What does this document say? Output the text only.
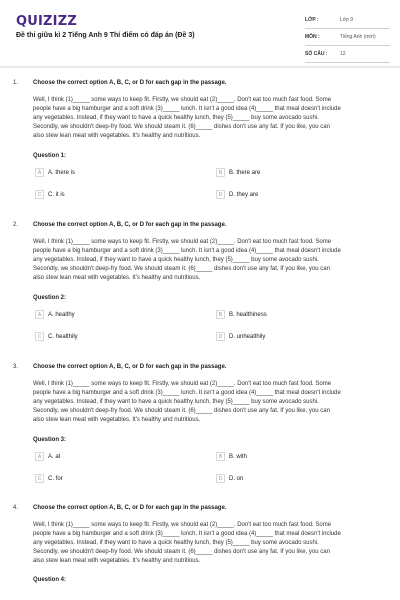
QUIZIZZ
Đề thi giữa kì 2 Tiếng Anh 9 Thí điểm có đáp án (Đề 3)
LỚP :	Lớp 9
MÔN :	Tiếng Anh (mới)
SỐ CÂU :	12
1. Choose the correct option A, B, C, or D for each gap in the passage.

Well, I think (1)_____ some ways to keep fit. Firstly, we should eat (2)_____. Don't eat too much fast food. Some

people have a big hamburger and a soft drink (3)_____ lunch. It isn't a good idea (4)_____ that meal doesn't include

any vegetables. Instead, if they want to have a quick healthy lunch, they (5)_____ buy some avocado sushi.

Secondly, we shouldn't deep-fry food. We should steam it. (6)_____ dishes don't use any fat. If you like, you can

also stew lean meat with vegetables. It's healthy and nutritious.

Question 1:
A	A. there is	B	B. there are
C	C. it is	D	D. they are
2. Choose the correct option A, B, C, or D for each gap in the passage.

Well, I think (1)_____ some ways to keep fit. Firstly, we should eat (2)_____. Don't eat too much fast food. Some

people have a big hamburger and a soft drink (3)_____ lunch. It isn't a good idea (4)_____ that meal doesn't include

any vegetables. Instead, if they want to have a quick healthy lunch, they (5)_____ buy some avocado sushi.

Secondly, we shouldn't deep-fry food. We should steam it. (6)_____ dishes don't use any fat. If you like, you can

also stew lean meat with vegetables. It's healthy and nutritious.

Question 2:
A	A. healthy	B	B. healthiness
C	C. healthily	D	D. unhealthily
3. Choose the correct option A, B, C, or D for each gap in the passage.

Well, I think (1)_____ some ways to keep fit. Firstly, we should eat (2)_____. Don't eat too much fast food. Some

people have a big hamburger and a soft drink (3)_____ lunch. It isn't a good idea (4)_____ that meal doesn't include

any vegetables. Instead, if they want to have a quick healthy lunch, they (5)_____ buy some avocado sushi.

Secondly, we shouldn't deep-fry food. We should steam it. (6)_____ dishes don't use any fat. If you like, you can

also stew lean meat with vegetables. It's healthy and nutritious.

Question 3:
A	A. at	B	B. with
C	C. for	D	D. on
4. Choose the correct option A, B, C, or D for each gap in the passage.

Well, I think (1)_____ some ways to keep fit. Firstly, we should eat (2)_____. Don't eat too much fast food. Some

people have a big hamburger and a soft drink (3)_____ lunch. It isn't a good idea (4)_____ that meal doesn't include

any vegetables. Instead, if they want to have a quick healthy lunch, they (5)_____ buy some avocado sushi.

Secondly, we shouldn't deep-fry food. We should steam it. (6)_____ dishes don't use any fat. If you like, you can

also stew lean meat with vegetables. It's healthy and nutritious.

Question 4:
